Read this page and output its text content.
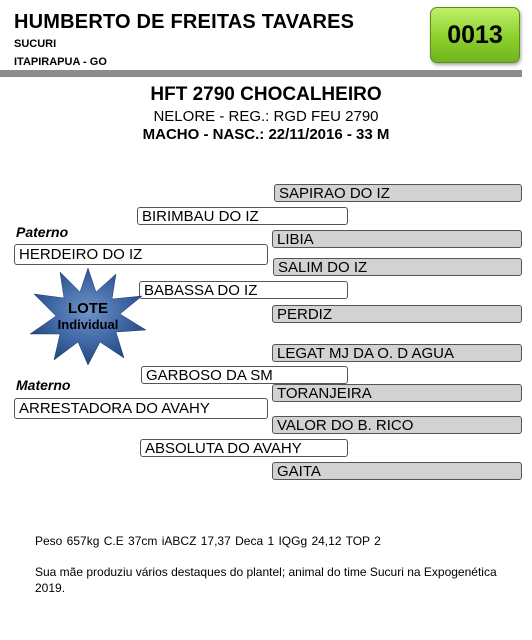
HUMBERTO DE FREITAS TAVARES
SUCURI
ITAPIRAPUA - GO
0013
HFT 2790 CHOCALHEIRO
NELORE - REG.: RGD FEU 2790
MACHO - NASC.: 22/11/2016 - 33 M
SAPIRAO DO IZ
BIRIMBAU DO IZ
Paterno	LIBIA
HERDEIRO DO IZ
SALIM DO IZ
BABASSA DO IZ
PERDIZ
LOTE
Individual
LEGAT MJ DA O. D AGUA
GARBOSO DA SM
Materno	TORANJEIRA
ARRESTADORA DO AVAHY
VALOR DO B. RICO
ABSOLUTA DO AVAHY
GAITA
Peso 657kg C.E 37cm iABCZ 17,37 Deca 1 IQGg 24,12 TOP 2
Sua mãe produziu vários destaques do plantel; animal do time Sucuri na Expogenética 2019.
